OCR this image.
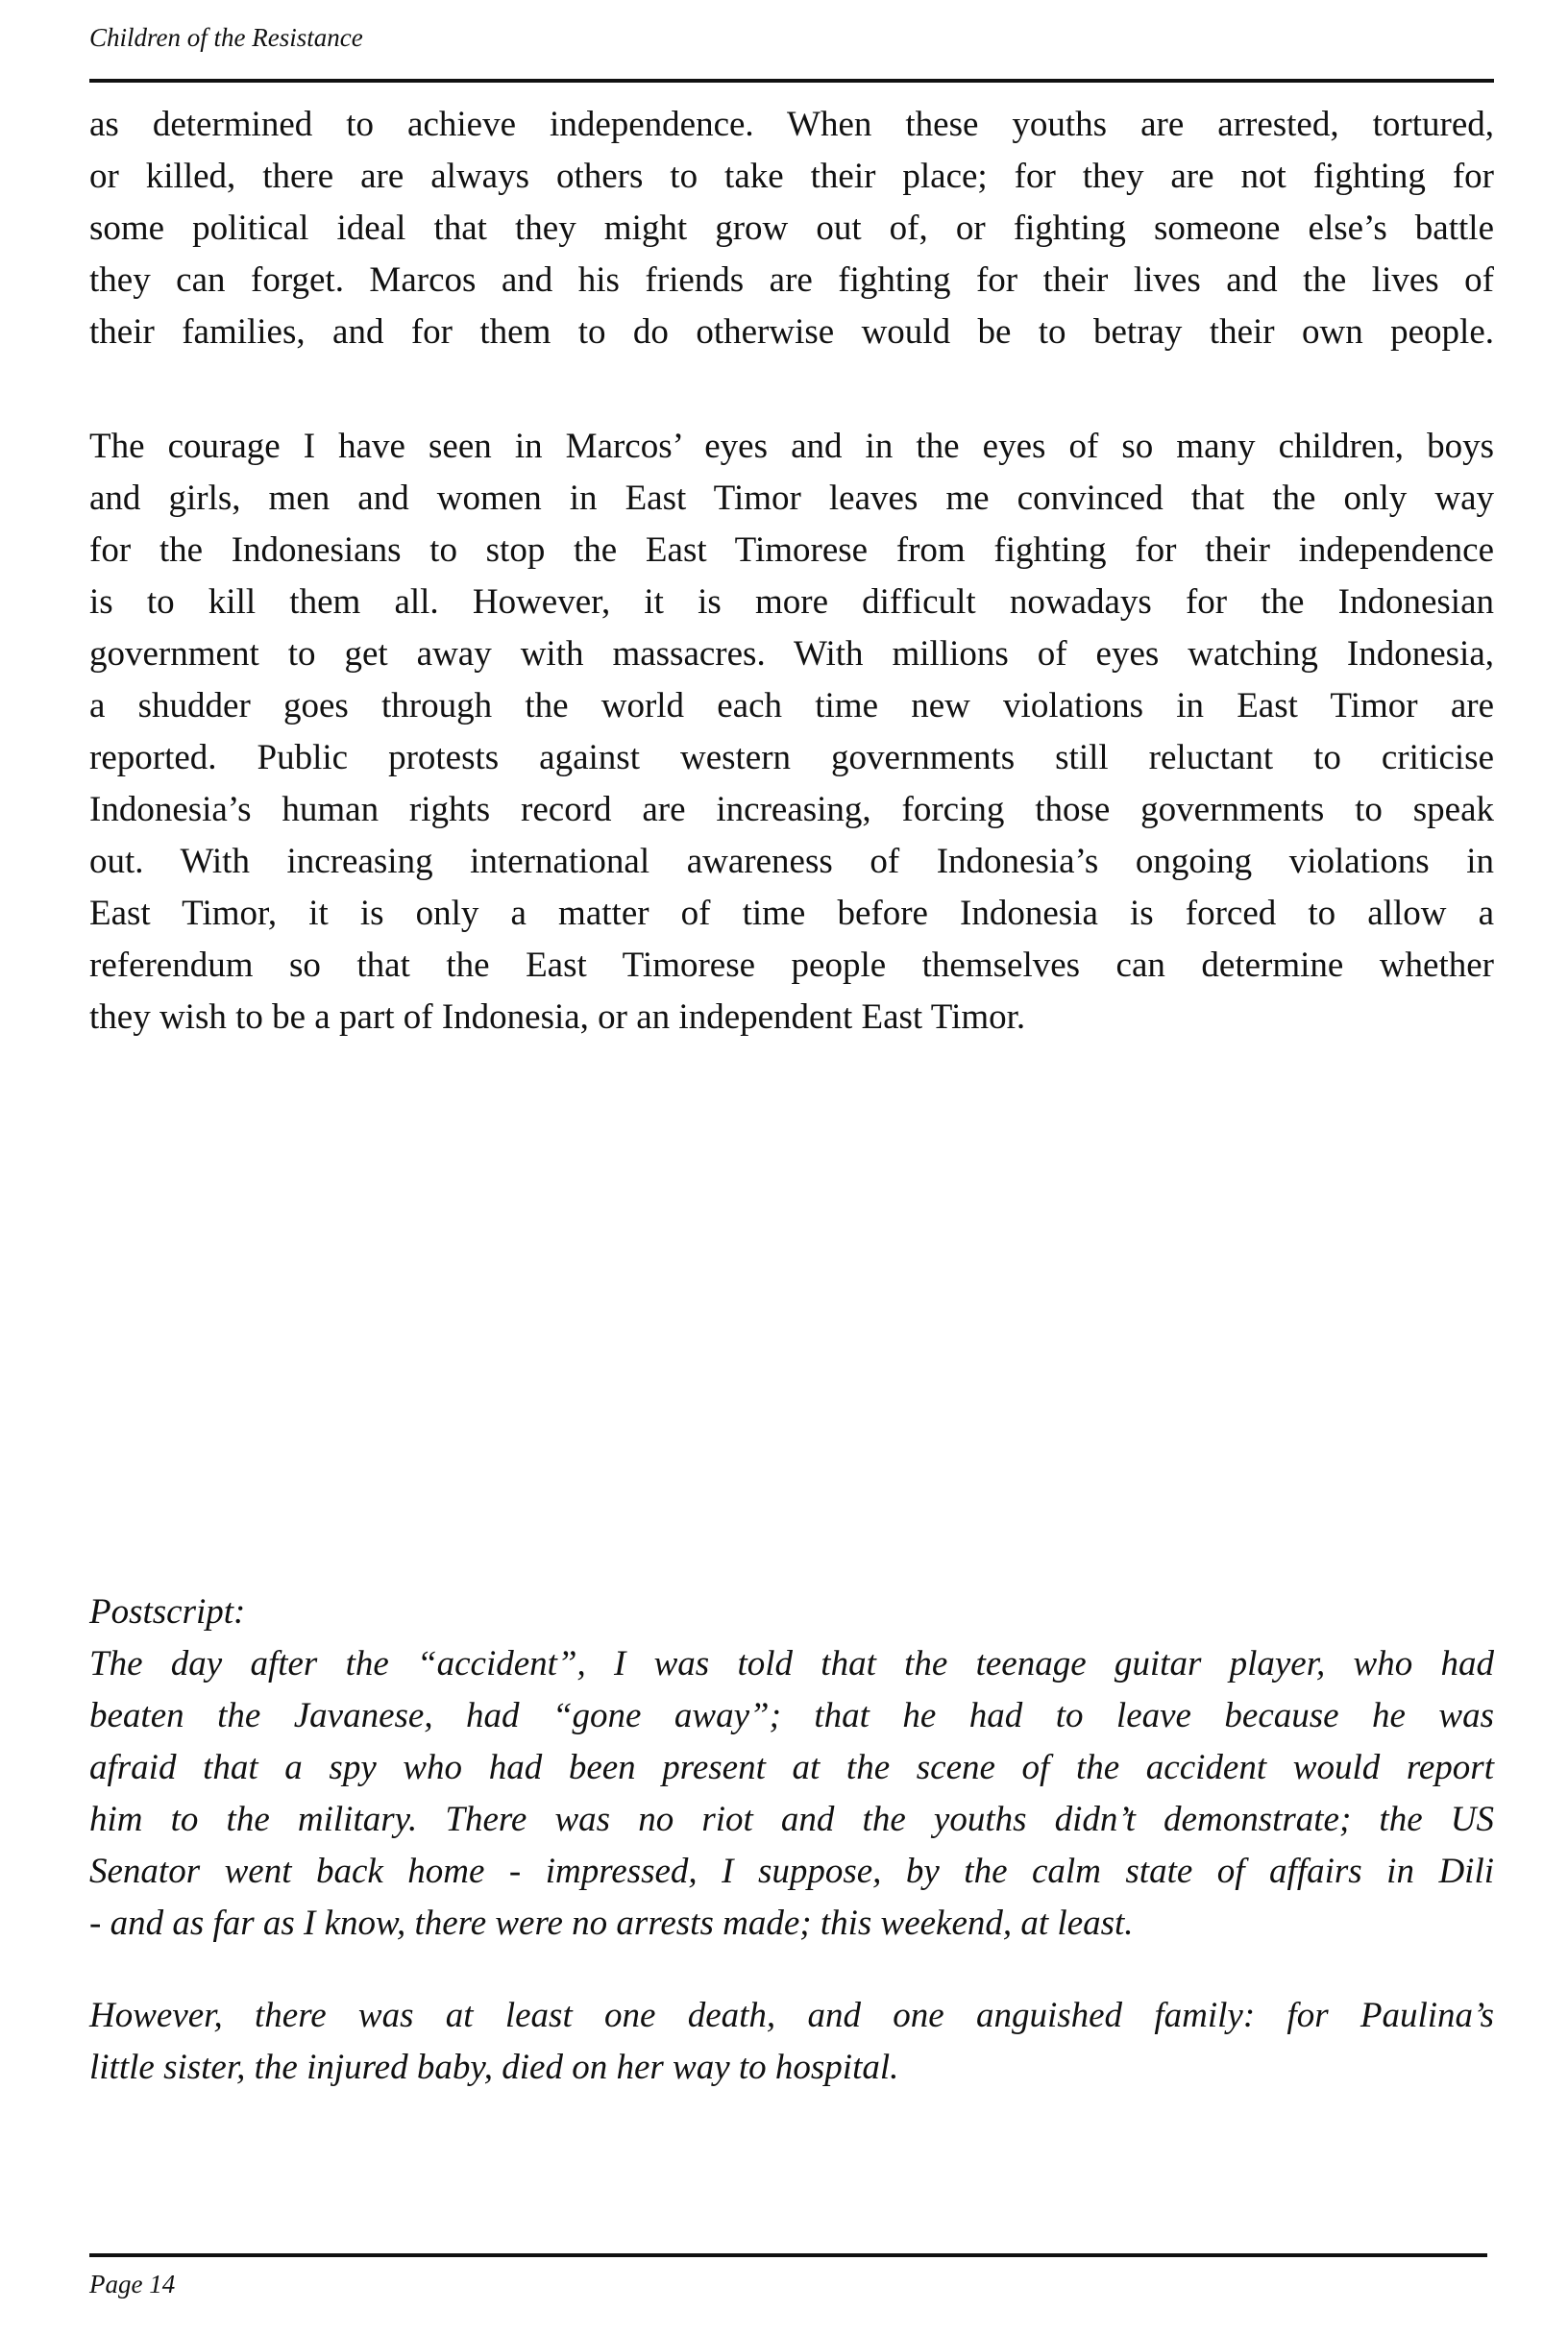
Children of the Resistance
as determined to achieve independence. When these youths are arrested, tortured,
or killed, there are always others to take their place; for they are not fighting for
some political ideal that they might grow out of, or fighting someone else’s battle
they can forget. Marcos and his friends are fighting for their lives and the lives of
their families, and for them to do otherwise would be to betray their own people.
The courage I have seen in Marcos’ eyes and in the eyes of so many children, boys
and girls, men and women in East Timor leaves me convinced that the only way
for the Indonesians to stop the East Timorese from fighting for their independence
is to kill them all. However, it is more difficult nowadays for the Indonesian
government to get away with massacres. With millions of eyes watching Indonesia,
a shudder goes through the world each time new violations in East Timor are
reported. Public protests against western governments still reluctant to criticise
Indonesia’s human rights record are increasing, forcing those governments to speak
out. With increasing international awareness of Indonesia’s ongoing violations in
East Timor, it is only a matter of time before Indonesia is forced to allow a
referendum so that the East Timorese people themselves can determine whether
they wish to be a part of Indonesia, or an independent East Timor.
Postscript:
The day after the “accident”, I was told that the teenage guitar player, who had
beaten the Javanese, had “gone away”; that he had to leave because he was
afraid that a spy who had been present at the scene of the accident would report
him to the military. There was no riot and the youths didn’t demonstrate; the US
Senator went back home - impressed, I suppose, by the calm state of affairs in Dili
- and as far as I know, there were no arrests made; this weekend, at least.
However, there was at least one death, and one anguished family: for Paulina’s
little sister, the injured baby, died on her way to hospital.
Page 14
